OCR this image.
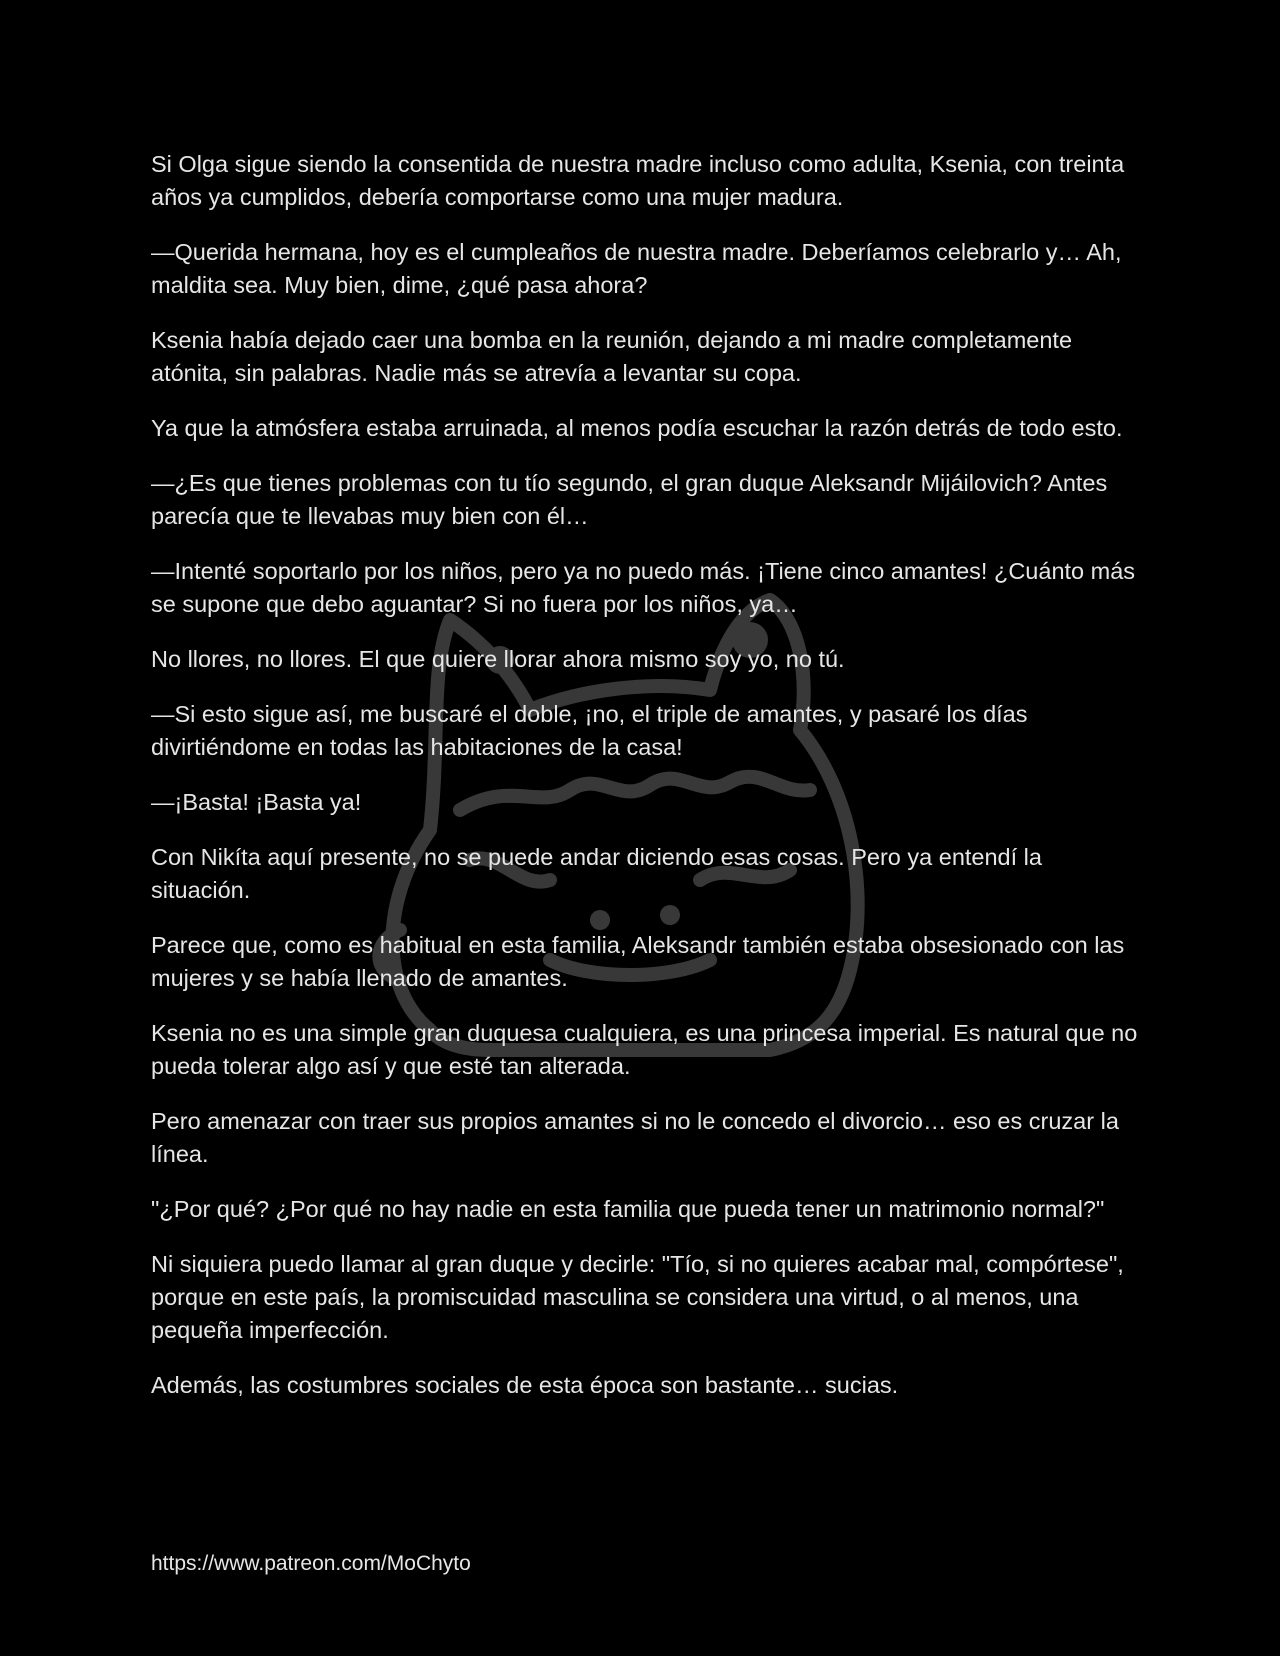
Si Olga sigue siendo la consentida de nuestra madre incluso como adulta, Ksenia, con treinta años ya cumplidos, debería comportarse como una mujer madura.

—Querida hermana, hoy es el cumpleaños de nuestra madre. Deberíamos celebrarlo y… Ah, maldita sea. Muy bien, dime, ¿qué pasa ahora?

Ksenia había dejado caer una bomba en la reunión, dejando a mi madre completamente atónita, sin palabras. Nadie más se atrevía a levantar su copa.

Ya que la atmósfera estaba arruinada, al menos podía escuchar la razón detrás de todo esto.

—¿Es que tienes problemas con tu tío segundo, el gran duque Aleksandr Mijáilovich? Antes parecía que te llevabas muy bien con él…

—Intenté soportarlo por los niños, pero ya no puedo más. ¡Tiene cinco amantes! ¿Cuánto más se supone que debo aguantar? Si no fuera por los niños, ya…

No llores, no llores. El que quiere llorar ahora mismo soy yo, no tú.

—Si esto sigue así, me buscaré el doble, ¡no, el triple de amantes, y pasaré los días divirtiéndome en todas las habitaciones de la casa!

—¡Basta! ¡Basta ya!

Con Nikíta aquí presente, no se puede andar diciendo esas cosas. Pero ya entendí la situación.

Parece que, como es habitual en esta familia, Aleksandr también estaba obsesionado con las mujeres y se había llenado de amantes.

Ksenia no es una simple gran duquesa cualquiera, es una princesa imperial. Es natural que no pueda tolerar algo así y que esté tan alterada.

Pero amenazar con traer sus propios amantes si no le concedo el divorcio… eso es cruzar la línea.

"¿Por qué? ¿Por qué no hay nadie en esta familia que pueda tener un matrimonio normal?"

Ni siquiera puedo llamar al gran duque y decirle: "Tío, si no quieres acabar mal, compórtese", porque en este país, la promiscuidad masculina se considera una virtud, o al menos, una pequeña imperfección.

Además, las costumbres sociales de esta época son bastante… sucias.

https://www.patreon.com/MoChyto
